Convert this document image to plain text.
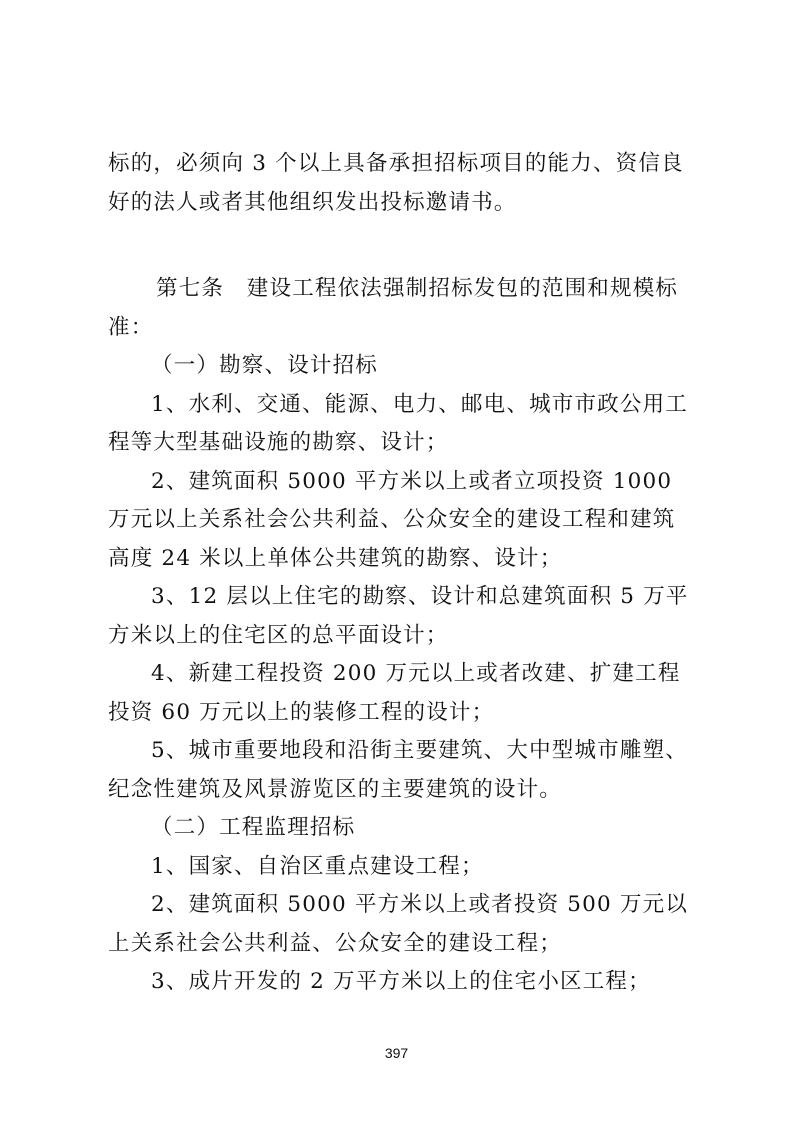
标的，必须向 3 个以上具备承担招标项目的能力、资信良好的法人或者其他组织发出投标邀请书。

第七条　建设工程依法强制招标发包的范围和规模标准：

（一）勘察、设计招标

1、水利、交通、能源、电力、邮电、城市市政公用工程等大型基础设施的勘察、设计；

2、建筑面积 5000 平方米以上或者立项投资 1000 万元以上关系社会公共利益、公众安全的建设工程和建筑高度 24 米以上单体公共建筑的勘察、设计；

3、12 层以上住宅的勘察、设计和总建筑面积 5 万平方米以上的住宅区的总平面设计；

4、新建工程投资 200 万元以上或者改建、扩建工程投资 60 万元以上的装修工程的设计；

5、城市重要地段和沿街主要建筑、大中型城市雕塑、纪念性建筑及风景游览区的主要建筑的设计。

（二）工程监理招标

1、国家、自治区重点建设工程；

2、建筑面积 5000 平方米以上或者投资 500 万元以上关系社会公共利益、公众安全的建设工程；

3、成片开发的 2 万平方米以上的住宅小区工程；

397
